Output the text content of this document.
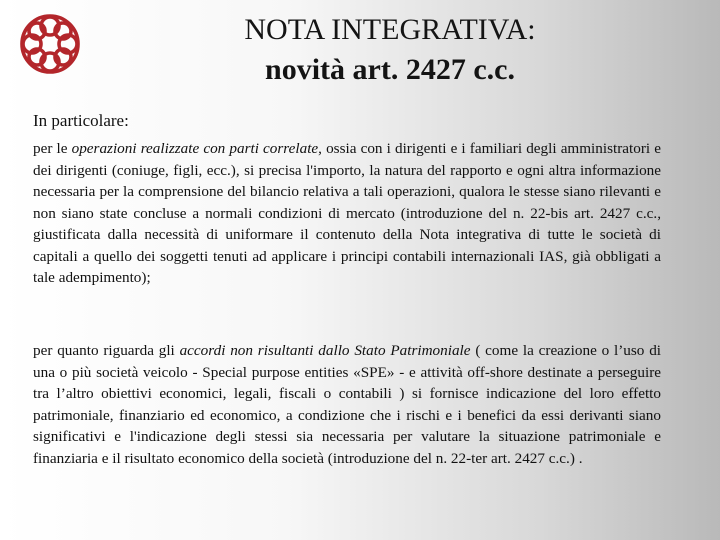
NOTA INTEGRATIVA:
novità art. 2427 c.c.
In particolare:
per le operazioni realizzate con parti correlate, ossia con i dirigenti e i familiari degli amministratori e dei dirigenti (coniuge, figli, ecc.), si precisa l'importo, la natura del rapporto e ogni altra informazione necessaria per la comprensione del bilancio relativa a tali operazioni, qualora le stesse siano rilevanti e non siano state concluse a normali condizioni di mercato (introduzione del n. 22-bis art. 2427 c.c., giustificata dalla necessità di uniformare il contenuto della Nota integrativa di tutte le società di capitali a quello dei soggetti tenuti ad applicare i principi contabili internazionali IAS, già obbligati a tale adempimento);
per quanto riguarda gli accordi non risultanti dallo Stato Patrimoniale ( come la creazione o l’uso di una o più società veicolo - Special purpose entities «SPE» - e attività off-shore destinate a perseguire tra l’altro obiettivi economici, legali, fiscali o contabili ) si fornisce indicazione del loro effetto patrimoniale, finanziario ed economico, a condizione che i rischi e i benefici da essi derivanti siano significativi e l'indicazione degli stessi sia necessaria per valutare la situazione patrimoniale e finanziaria e il risultato economico della società (introduzione del n. 22-ter art. 2427 c.c.) .
